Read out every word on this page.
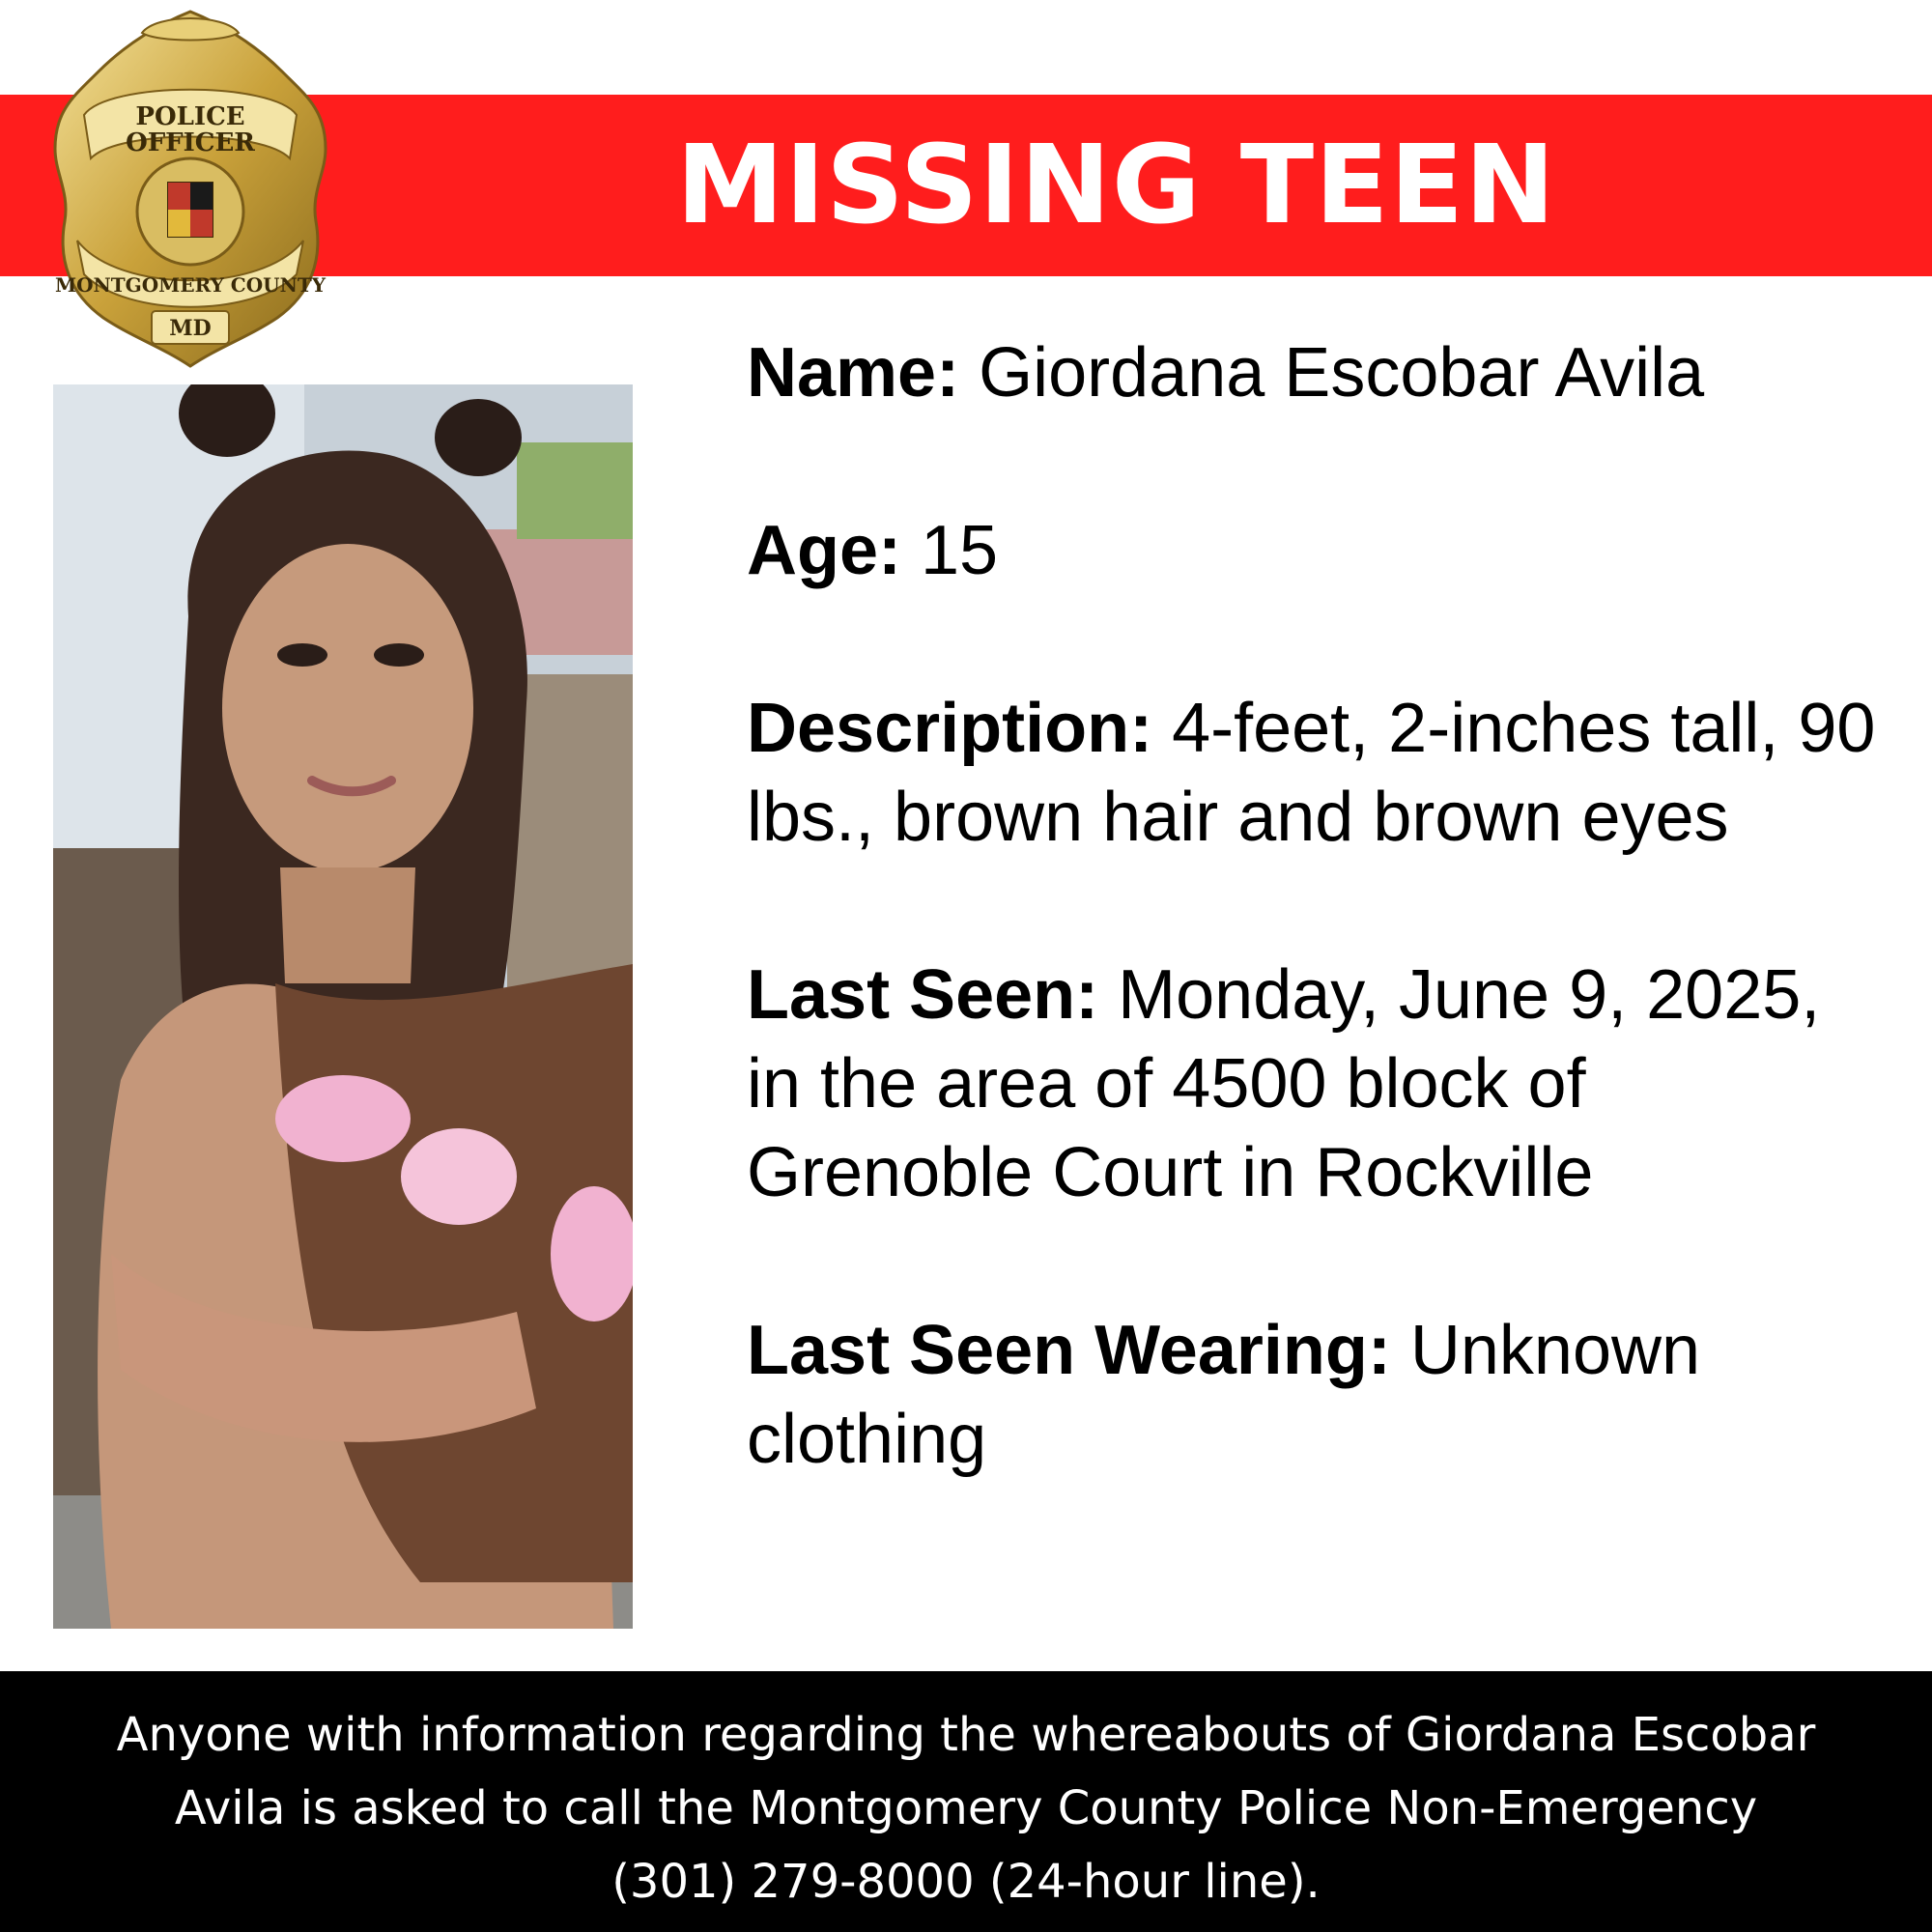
MISSING TEEN
POLICE
OFFICER
MONTGOMERY COUNTY
MD

Name: Giordana Escobar Avila

Age: 15

Description: 4-feet, 2-inches tall, 90 lbs., brown hair and brown eyes

Last Seen: Monday, June 9, 2025, in the area of 4500 block of Grenoble Court in Rockville

Last Seen Wearing: Unknown clothing

Anyone with information regarding the whereabouts of Giordana Escobar Avila is asked to call the Montgomery County Police Non-Emergency (301) 279-8000 (24-hour line).
